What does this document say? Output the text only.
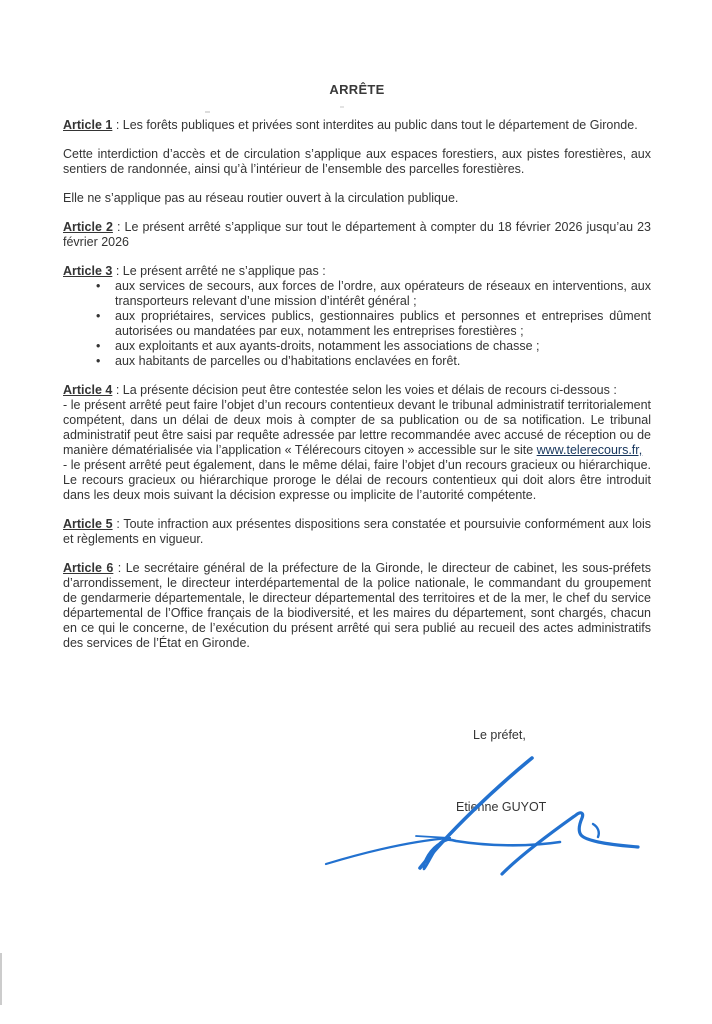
ARRÊTE

Article 1 : Les forêts publiques et privées sont interdites au public dans tout le département de Gironde.

Cette interdiction d’accès et de circulation s’applique aux espaces forestiers, aux pistes forestières, aux sentiers de randonnée, ainsi qu’à l’intérieur de l’ensemble des parcelles forestières.

Elle ne s’applique pas au réseau routier ouvert à la circulation publique.

Article 2 : Le présent arrêté s’applique sur tout le département à compter du 18 février 2026 jusqu’au 23 février 2026

Article 3 : Le présent arrêté ne s’applique pas :

• aux services de secours, aux forces de l’ordre, aux opérateurs de réseaux en interventions, aux transporteurs relevant d’une mission d’intérêt général ;
• aux propriétaires, services publics, gestionnaires publics et personnes et entreprises dûment autorisées ou mandatées par eux, notamment les entreprises forestières ;
• aux exploitants et aux ayants-droits, notamment les associations de chasse ;
• aux habitants de parcelles ou d’habitations enclavées en forêt.

Article 4 : La présente décision peut être contestée selon les voies et délais de recours ci-dessous :
- le présent arrêté peut faire l’objet d’un recours contentieux devant le tribunal administratif territorialement compétent, dans un délai de deux mois à compter de sa publication ou de sa notification. Le tribunal administratif peut être saisi par requête adressée par lettre recommandée avec accusé de réception ou de manière dématérialisée via l’application « Télérecours citoyen » accessible sur le site www.telerecours.fr,
- le présent arrêté peut également, dans le même délai, faire l’objet d’un recours gracieux ou hiérarchique. Le recours gracieux ou hiérarchique proroge le délai de recours contentieux qui doit alors être introduit dans les deux mois suivant la décision expresse ou implicite de l’autorité compétente.

Article 5 : Toute infraction aux présentes dispositions sera constatée et poursuivie conformément aux lois et règlements en vigueur.

Article 6 : Le secrétaire général de la préfecture de la Gironde, le directeur de cabinet, les sous-préfets d’arrondissement, le directeur interdépartemental de la police nationale, le commandant du groupement de gendarmerie départementale, le directeur départemental des territoires et de la mer, le chef du service départemental de l’Office français de la biodiversité, et les maires du département, sont chargés, chacun en ce qui le concerne, de l’exécution du présent arrêté qui sera publié au recueil des actes administratifs des services de l’État en Gironde.

Le préfet,

Etienne GUYOT
